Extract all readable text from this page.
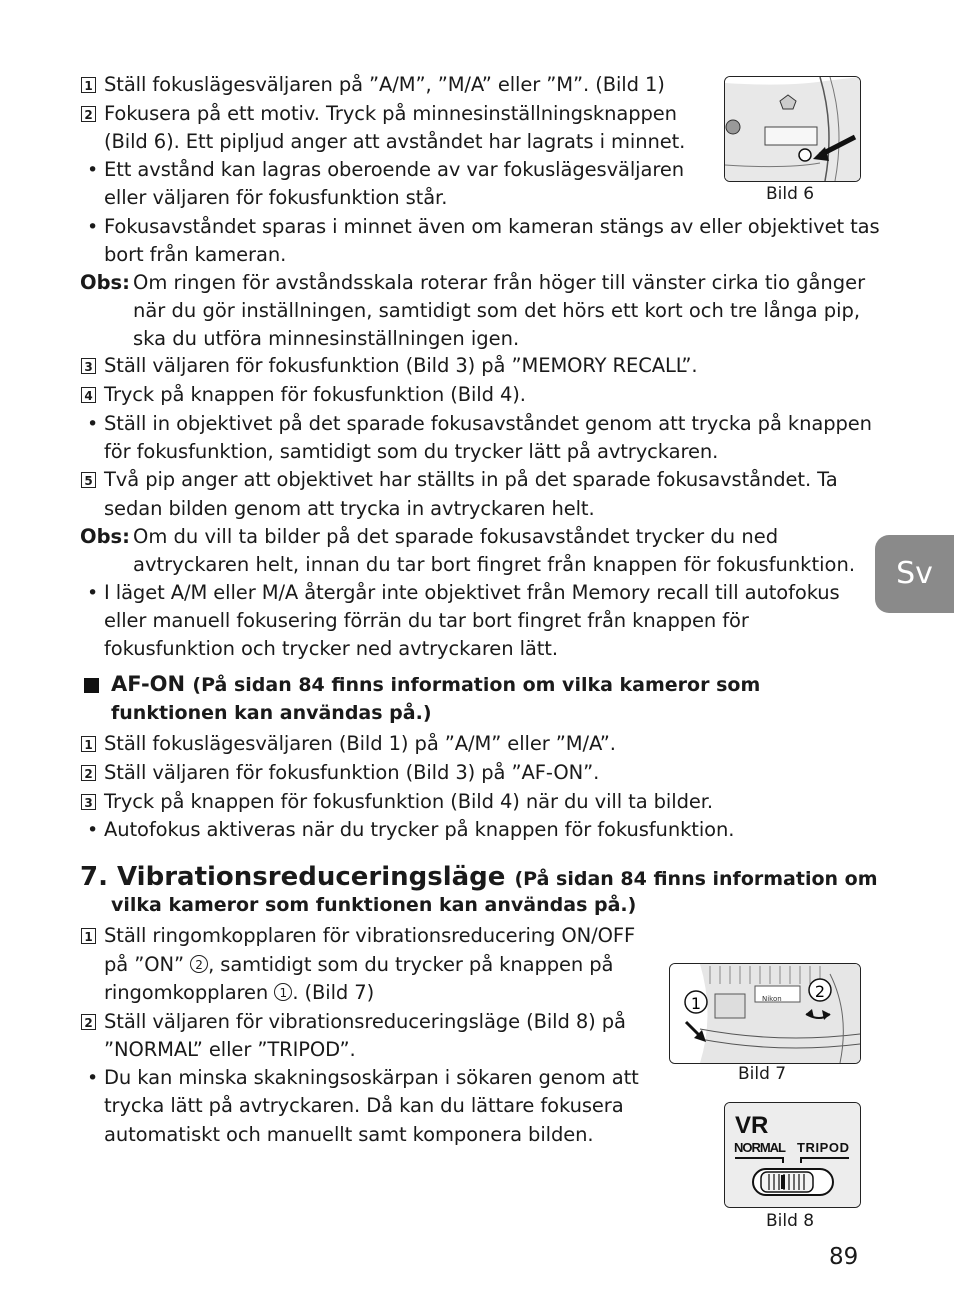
1 Ställ fokuslägesväljaren på ”A/M”, ”M/A” eller ”M”. (Bild 1)
2 Fokusera på ett motiv. Tryck på minnesinställningsknappen
(Bild 6). Ett pipljud anger att avståndet har lagrats i minnet.
• Ett avstånd kan lagras oberoende av var fokuslägesväljaren
eller väljaren för fokusfunktion står.
• Fokusavståndet sparas i minnet även om kameran stängs av eller objektivet tas
bort från kameran.
Obs: Om ringen för avståndsskala roterar från höger till vänster cirka tio gånger
när du gör inställningen, samtidigt som det hörs ett kort och tre långa pip,
ska du utföra minnesinställningen igen.
3 Ställ väljaren för fokusfunktion (Bild 3) på ”MEMORY RECALL”.
4 Tryck på knappen för fokusfunktion (Bild 4).
• Ställ in objektivet på det sparade fokusavståndet genom att trycka på knappen
för fokusfunktion, samtidigt som du trycker lätt på avtryckaren.
5 Två pip anger att objektivet har ställts in på det sparade fokusavståndet. Ta
sedan bilden genom att trycka in avtryckaren helt.
Obs: Om du vill ta bilder på det sparade fokusavståndet trycker du ned
avtryckaren helt, innan du tar bort fingret från knappen för fokusfunktion.
• I läget A/M eller M/A återgår inte objektivet från Memory recall till autofokus
eller manuell fokusering förrän du tar bort fingret från knappen för
fokusfunktion och trycker ned avtryckaren lätt.
AF-ON (På sidan 84 finns information om vilka kameror som
funktionen kan användas på.)
1 Ställ fokuslägesväljaren (Bild 1) på ”A/M” eller ”M/A”.
2 Ställ väljaren för fokusfunktion (Bild 3) på ”AF-ON”.
3 Tryck på knappen för fokusfunktion (Bild 4) när du vill ta bilder.
• Autofokus aktiveras när du trycker på knappen för fokusfunktion.
7. Vibrationsreduceringsläge (På sidan 84 finns information om
vilka kameror som funktionen kan användas på.)
1 Ställ ringomkopplaren för vibrationsreducering ON/OFF
på ”ON” 2 , samtidigt som du trycker på knappen på
ringomkopplaren 1 . (Bild 7)
2 Ställ väljaren för vibrationsreduceringsläge (Bild 8) på
”NORMAL” eller ”TRIPOD”.
• Du kan minska skakningsoskärpan i sökaren genom att
trycka lätt på avtryckaren. Då kan du lättare fokusera
automatiskt och manuellt samt komponera bilden.
Bild 6
Nikon
1
2
Bild 7
VR
NORMAL TRIPOD
Bild 8
Sv
89
